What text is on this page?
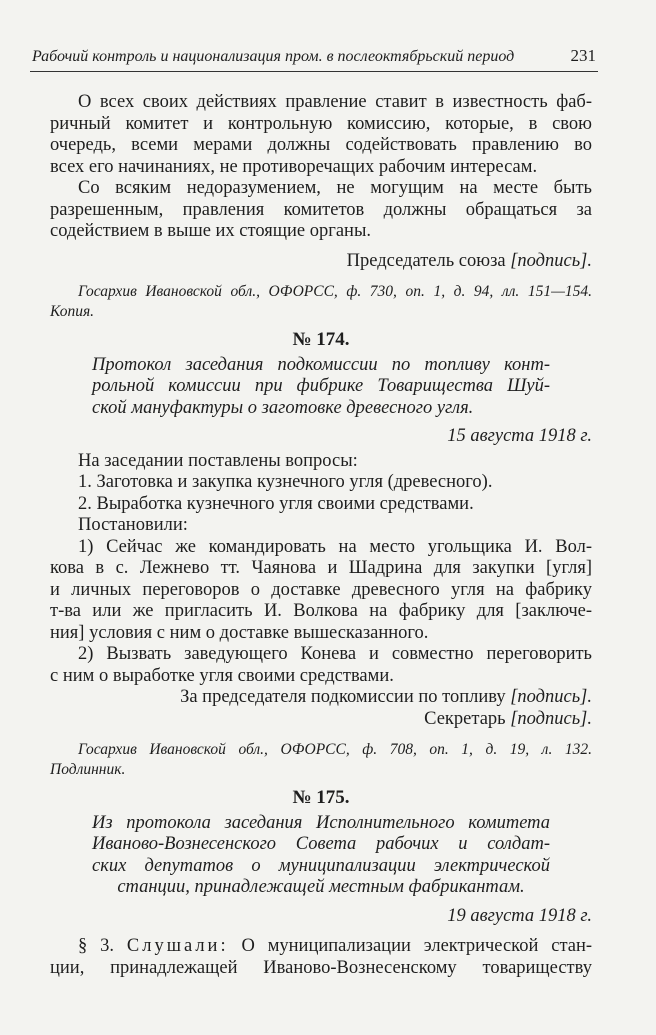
Рабочий контроль и национализация пром. в послеоктябрьский период	231
О всех своих действиях правление ставит в известность фаб-
ричный комитет и контрольную комиссию, которые, в свою
очередь, всеми мерами должны содействовать правлению во
всех его начинаниях, не противоречащих рабочим интересам.
Со всяким недоразумением, не могущим на месте быть
разрешенным, правления комитетов должны обращаться за
содействием в выше их стоящие органы.
Председатель союза [подпись].
Госархив Ивановской обл., ОФОРСС, ф. 730, оп. 1, д. 94, лл. 151—154.
Копия.
№ 174.
Протокол заседания подкомиссии по топливу конт-
рольной комиссии при фибрике Товарищества Шуй-
ской мануфактуры о заготовке древесного угля.
15 августа 1918 г.
На заседании поставлены вопросы:
1. Заготовка и закупка кузнечного угля (древесного).
2. Выработка кузнечного угля своими средствами.
Постановили:
1) Сейчас же командировать на место угольщика И. Вол-
кова в с. Лежнево тт. Чаянова и Шадрина для закупки [угля]
и личных переговоров о доставке древесного угля на фабрику
т-ва или же пригласить И. Волкова на фабрику для [заключе-
ния] условия с ним о доставке вышесказанного.
2) Вызвать заведующего Конева и совместно переговорить
с ним о выработке угля своими средствами.
За председателя подкомиссии по топливу [подпись].
Секретарь [подпись].
Госархив Ивановской обл., ОФОРСС, ф. 708, оп. 1, д. 19, л. 132.
Подлинник.
№ 175.
Из протокола заседания Исполнительного комитета
Иваново-Вознесенского Совета рабочих и солдат-
ских депутатов о муниципализации электрической
станции, принадлежащей местным фабрикантам.
19 августа 1918 г.
§ 3. Слушали: О муниципализации электрической стан-
ции, принадлежащей Иваново-Вознесенскому товариществу
